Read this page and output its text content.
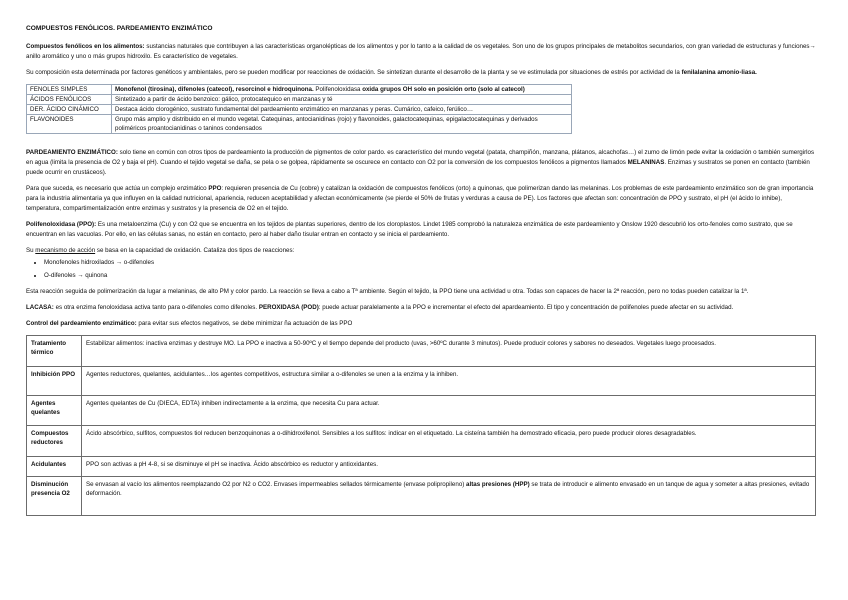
COMPUESTOS FENÓLICOS. PARDEAMIENTO ENZIMÁTICO

Compuestos fenólicos en los alimentos: sustancias naturales que contribuyen a las características organolépticas de los alimentos y por lo tanto a la calidad de os vegetales. Son uno de los grupos principales de metabolitos secundarios, con gran variedad de estructuras y funciones→ anillo aromático y uno o más grupos hidroxilo. Es característico de vegetales.

Su composición esta determinada por factores genéticos y ambientales, pero se pueden modificar por reacciones de oxidación. Se sintetizan durante el desarrollo de la planta y se ve estimulada por situaciones de estrés por actividad de la fenilalanina amonio-liasa.

FENOLES SIMPLES	Monofenol (tirosina), difenoles (catecol), resorcinol e hidroquinona. Polifenoloxidasa oxida grupos OH solo en posición orto (solo al catecol)
ÁCIDOS FENÓLICOS	Sintetizado a partir de ácido benzoico: gálico, protocatequico en manzanas y té
DER. ÁCIDO CINÁMICO	Destaca ácido clorogénico, sustrato fundamental del pardeamiento enzimático en manzanas y peras. Cumárico, cafeico, ferúlico…
FLAVONOIDES	Grupo más amplio y distribuido en el mundo vegetal. Catequinas, antocianidinas (rojo) y flavonoides, galactocatequinas, epigalactocatequinas y derivados poliméricos proantocianidinas o taninos condensados

PARDEAMIENTO ENZIMÁTICO: solo tiene en común con otros tipos de pardeamiento la producción de pigmentos de color pardo. es característico del mundo vegetal (patata, champiñón, manzana, plátanos, alcachofas…) el zumo de limón pede evitar la oxidación o también sumergirlos en agua (limita la presencia de O2 y baja el pH). Cuando el tejido vegetal se daña, se pela o se golpea, rápidamente se oscurece en contacto con O2 por la conversión de los compuestos fenólicos a pigmentos llamados MELANINAS. Enzimas y sustratos se ponen en contacto (también puede ocurrir en crustáceos).

Para que suceda, es necesario que actúa un complejo enzimático PPO: requieren presencia de Cu (cobre) y catalizan la oxidación de compuestos fenólicos (orto) a quinonas, que polimerizan dando las melaninas. Los problemas de este pardeamiento enzimático son de gran importancia para la industria alimentaria ya que influyen en la calidad nutricional, apariencia, reducen aceptabilidad y afectan económicamente (se pierde el 50% de frutas y verduras a causa de PE). Los factores que afectan son: concentración de PPO y sustrato, el pH (el ácido lo inhibe), temperatura, compartimentalización entre enzimas y sustratos y la presencia de O2 en el tejido.

Polifenoloxidasa (PPO): Es una metaloenzima (Cu) y con O2 que se encuentra en los tejidos de plantas superiores, dentro de los cloroplastos. Lindet 1985 comprobó la naturaleza enzimática de este pardeamiento y Onslow 1920 descubrió los orto-fenoles como sustrato, que se encuentran en las vacuolas. Por ello, en las células sanas, no están en contacto, pero al haber daño tisular entran en contacto y se inicia el pardeamiento.

Su mecanismo de acción se basa en la capacidad de oxidación. Cataliza dos tipos de reacciones:

• Monofenoles hidroxilados → o-difenoles
• O-difenoles → quinona

Esta reacción seguida de polimerización da lugar a melaninas, de alto PM y color pardo. La reacción se lleva a cabo a Tª ambiente. Según el tejido, la PPO tiene una actividad u otra. Todas son capaces de hacer la 2ª reacción, pero no todas pueden catalizar la 1ª.

LACASA: es otra enzima fenoloxidasa activa tanto para o-difenoles como difenoles. PEROXIDASA (POD): puede actuar paralelamente a la PPO e incrementar el efecto del apardeamiento. El tipo y concentración de polifenoles puede afectar en su actividad.

Control del pardeamiento enzimático: para evitar sus efectos negativos, se debe minimizar ña actuación de las PPO

Tratamiento térmico	Estabilizar alimentos: inactiva enzimas y destruye MO. La PPO e inactiva a 50-90ºC y el tiempo depende del producto (uvas, >60ºC durante 3 minutos). Puede producir colores y sabores no deseados. Vegetales luego procesados.
Inhibición PPO	Agentes reductores, quelantes, acidulantes…los agentes competitivos, estructura similar a o-difenoles se unen a la enzima y la inhiben.
Agentes quelantes	Agentes quelantes de Cu (DIECA, EDTA) inhiben indirectamente a la enzima, que necesita Cu para actuar.
Compuestos reductores	Ácido abscórbico, sulfitos, compuestos tiol reducen benzoquinonas a o-dihidroxifenol. Sensibles a los sulfitos: indicar en el etiquetado. La cisteína también ha demostrado eficacia, pero puede producir olores desagradables.
Acidulantes	PPO son activas a pH 4-8, si se disminuye el pH se inactiva. Ácido abscórbico es reductor y antioxidantes.
Disminución presencia O2	Se envasan al vacío los alimentos reemplazando O2 por N2 o CO2. Envases impermeables sellados térmicamente (envase polipropileno) altas presiones (HPP) se trata de introducir e alimento envasado en un tanque de agua y someter a altas presiones, evitado deformación.
